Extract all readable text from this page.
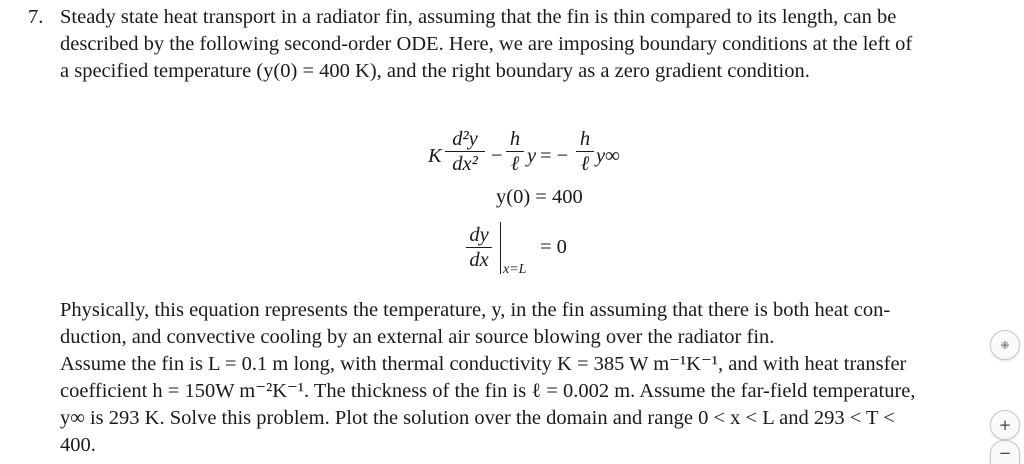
7. Steady state heat transport in a radiator fin, assuming that the fin is thin compared to its length, can be
described by the following second-order ODE. Here, we are imposing boundary conditions at the left of
a specified temperature (y(0) = 400 K), and the right boundary as a zero gradient condition.
K
d²y
dx² −
h
ℓ y = −
h
ℓ y∞
y(0) = 400
dy
dx x=L
= 0
Physically, this equation represents the temperature, y, in the fin assuming that there is both heat con-
duction, and convective cooling by an external air source blowing over the radiator fin.
Assume the fin is L = 0.1 m long, with thermal conductivity K = 385 W m⁻¹K⁻¹, and with heat transfer
coefficient h = 150W m⁻²K⁻¹. The thickness of the fin is ℓ = 0.002 m. Assume the far-field temperature,
y∞ is 293 K. Solve this problem. Plot the solution over the domain and range 0 < x < L and 293 < T <
400.
⁜
+
−
